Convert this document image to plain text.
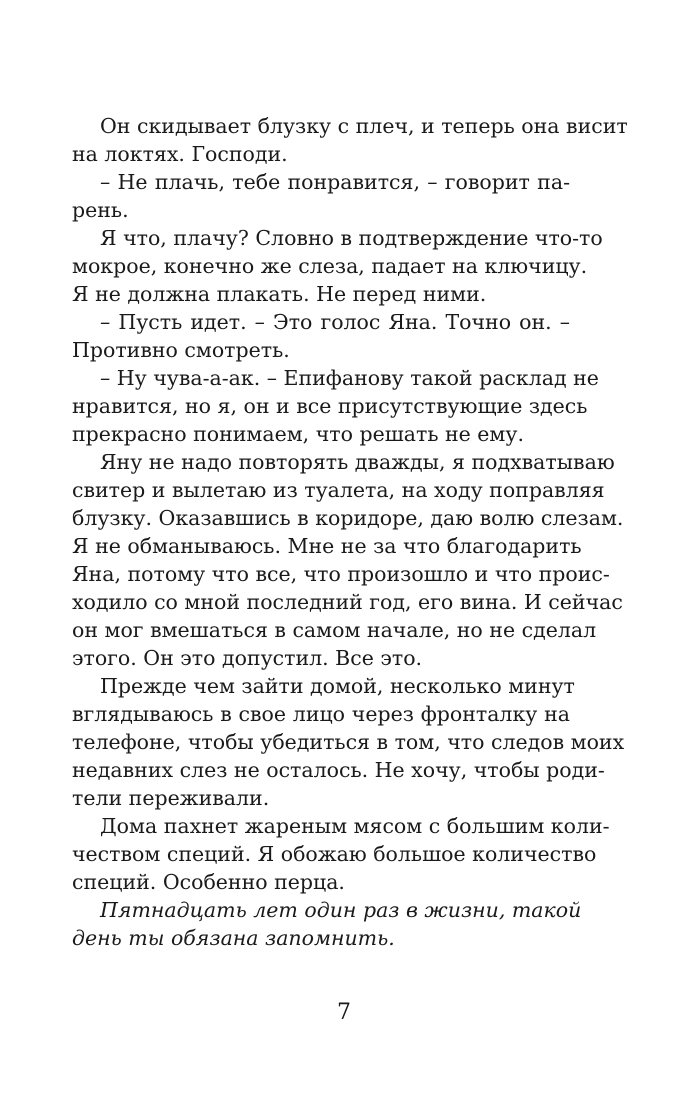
Он скидывает блузку с плеч, и теперь она висит
на локтях. Господи.
– Не плачь, тебе понравится, – говорит па-
рень.
Я что, плачу? Словно в подтверждение что-то
мокрое, конечно же слеза, падает на ключицу.
Я не должна плакать. Не перед ними.
– Пусть идет. – Это голос Яна. Точно он. –
Противно смотреть.
– Ну чува-а-ак. – Епифанову такой расклад не
нравится, но я, он и все присутствующие здесь
прекрасно понимаем, что решать не ему.
Яну не надо повторять дважды, я подхватываю
свитер и вылетаю из туалета, на ходу поправляя
блузку. Оказавшись в коридоре, даю волю слезам.
Я не обманываюсь. Мне не за что благодарить
Яна, потому что все, что произошло и что проис-
ходило со мной последний год, его вина. И сейчас
он мог вмешаться в самом начале, но не сделал
этого. Он это допустил. Все это.
Прежде чем зайти домой, несколько минут
вглядываюсь в свое лицо через фронталку на
телефоне, чтобы убедиться в том, что следов моих
недавних слез не осталось. Не хочу, чтобы роди-
тели переживали.
Дома пахнет жареным мясом с большим коли-
чеством специй. Я обожаю большое количество
специй. Особенно перца.
Пятнадцать лет один раз в жизни, такой
день ты обязана запомнить.
7
